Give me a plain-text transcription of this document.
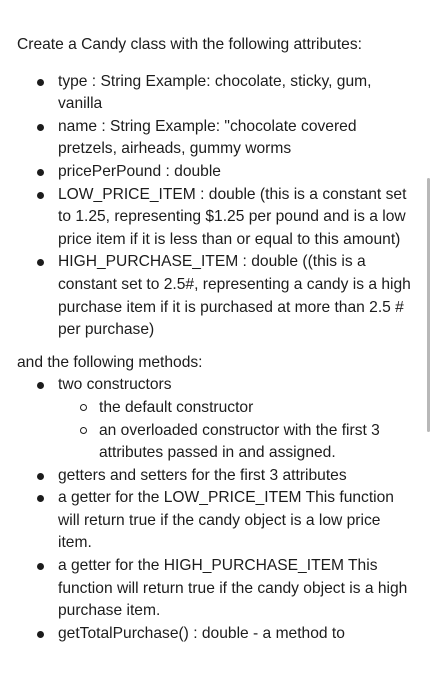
Create a Candy class with the following attributes:

type : String Example: chocolate, sticky, gum, vanilla
name : String Example: "chocolate covered pretzels, airheads, gummy worms
pricePerPound : double
LOW_PRICE_ITEM : double (this is a constant set to 1.25, representing $1.25 per pound and is a low price item if it is less than or equal to this amount)
HIGH_PURCHASE_ITEM : double ((this is a constant set to 2.5#, representing a candy is a high purchase item if it is purchased at more than 2.5 # per purchase)

and the following methods:

two constructors
the default constructor
an overloaded constructor with the first 3 attributes passed in and assigned.
getters and setters for the first 3 attributes
a getter for the LOW_PRICE_ITEM This function will return true if the candy object is a low price item.
a getter for the HIGH_PURCHASE_ITEM This function will return true if the candy object is a high purchase item.
getTotalPurchase() : double - a method to
